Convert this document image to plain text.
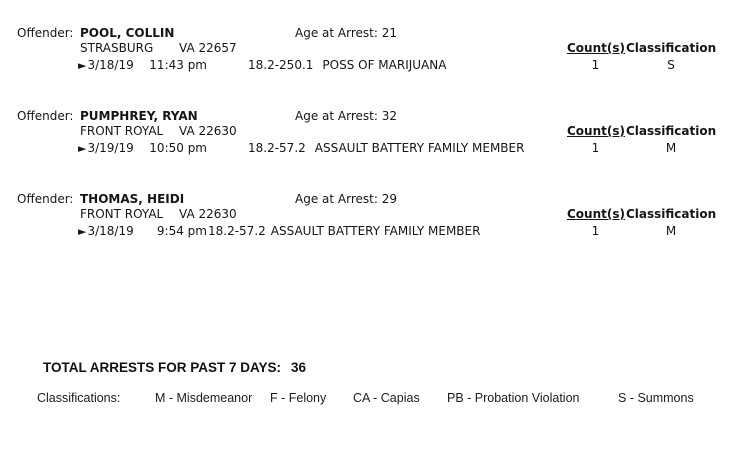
Offender: POOL, COLLIN	Age at Arrest: 21
STRASBURG VA 22657	Count(s) Classification
►3/18/19 11:43 pm	18.2-250.1 POSS OF MARIJUANA	1	S
Offender: PUMPHREY, RYAN	Age at Arrest: 32
FRONT ROYAL VA 22630	Count(s) Classification
►3/19/19 10:50 pm	18.2-57.2 ASSAULT BATTERY FAMILY MEMBER	1	M
Offender: THOMAS, HEIDI	Age at Arrest: 29
FRONT ROYAL VA 22630	Count(s) Classification
►3/18/19 9:54 pm 18.2-57.2 ASSAULT BATTERY FAMILY MEMBER	1	M
TOTAL ARRESTS FOR PAST 7 DAYS: 36
Classifications:	M - Misdemeanor F - Felony CA - Capias PB - Probation Violation	S - Summons
